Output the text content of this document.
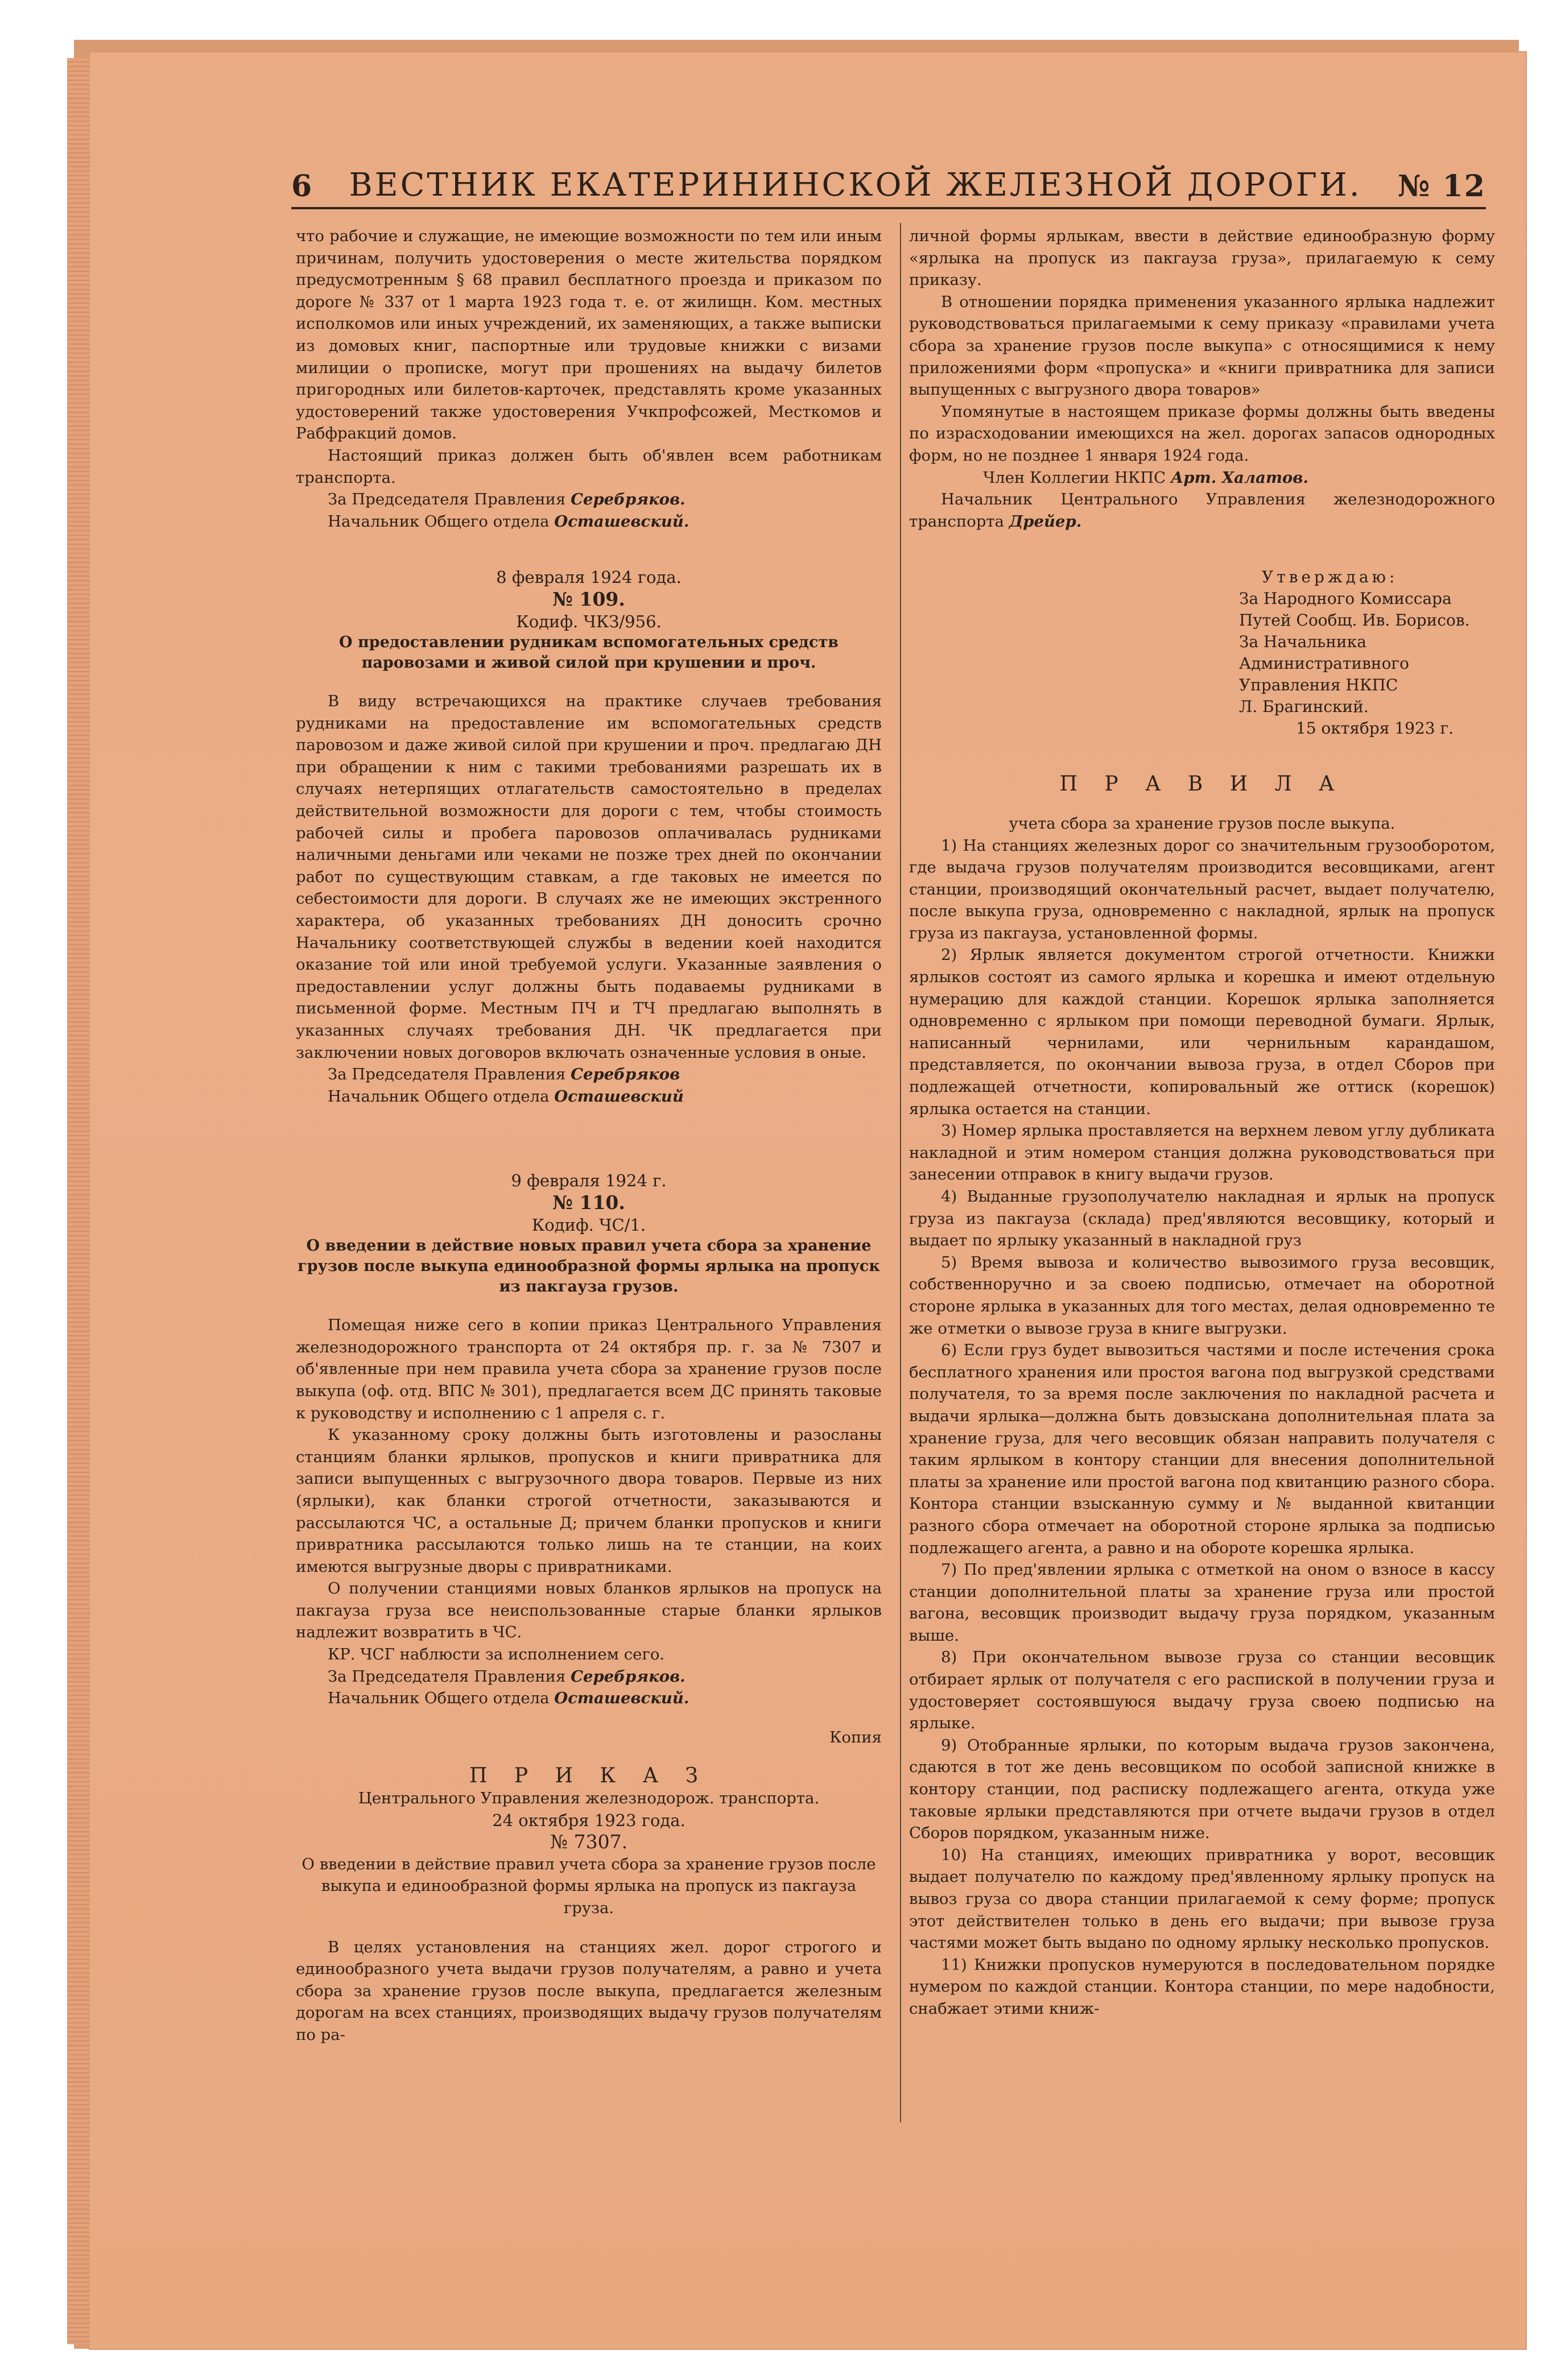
6 ВЕСТНИК ЕКАТЕРИНИНСКОЙ ЖЕЛЕЗНОЙ ДОРОГИ. № 12

что рабочие и служащие, не имеющие возможности по тем или иным причинам, получить удостоверения о месте жительства порядком предусмотренным § 68 правил бесплатного проезда и приказом по дороге № 337 от 1 марта 1923 года т. е. от жилищн. Ком. местных исполкомов или иных учреждений, их заменяющих, а также выписки из домовых книг, паспортные или трудовые книжки с визами милиции о прописке, могут при прошениях на выдачу билетов пригородных или билетов-карточек, представлять кроме указанных удостоверений также удостоверения Учкпрофсожей, Месткомов и Рабфракций домов.

Настоящий приказ должен быть об'явлен всем работникам транспорта.

За Председателя Правления Серебряков.

Начальник Общего отдела Осташевский.

8 февраля 1924 года.

№ 109.

Кодиф. ЧКЗ/956.

О предоставлении рудникам вспомогательных средств паровозами и живой силой при крушении и проч.

В виду встречающихся на практике случаев требования рудниками на предоставление им вспомогательных средств паровозом и даже живой силой при крушении и проч. предлагаю ДН при обращении к ним с такими требованиями разрешать их в случаях нетерпящих отлагательств самостоятельно в пределах действительной возможности для дороги с тем, чтобы стоимость рабочей силы и пробега паровозов оплачивалась рудниками наличными деньгами или чеками не позже трех дней по окончании работ по существующим ставкам, а где таковых не имеется по себестоимости для дороги. В случаях же не имеющих экстренного характера, об указанных требованиях ДН доносить срочно Начальнику соответствующей службы в ведении коей находится оказание той или иной требуемой услуги. Указанные заявления о предоставлении услуг должны быть подаваемы рудниками в письменной форме. Местным ПЧ и ТЧ предлагаю выполнять в указанных случаях требования ДН. ЧК предлагается при заключении новых договоров включать означенные условия в оные.

За Председателя Правления Серебряков

Начальник Общего отдела Осташевский

9 февраля 1924 г.

№ 110.

Кодиф. ЧС/1.

О введении в действие новых правил учета сбора за хранение грузов после выкупа единообразной формы ярлыка на пропуск из пакгауза грузов.

Помещая ниже сего в копии приказ Центрального Управления железнодорожного транспорта от 24 октября пр. г. за № 7307 и об'явленные при нем правила учета сбора за хранение грузов после выкупа (оф. отд. ВПС № 301), предлагается всем ДС принять таковые к руководству и исполнению с 1 апреля с. г.

К указанному сроку должны быть изготовлены и разосланы станциям бланки ярлыков, пропусков и книги привратника для записи выпущенных с выгрузочного двора товаров. Первые из них (ярлыки), как бланки строгой отчетности, заказываются и рассылаются ЧС, а остальные Д; причем бланки пропусков и книги привратника рассылаются только лишь на те станции, на коих имеются выгрузные дворы с привратниками.

О получении станциями новых бланков ярлыков на пропуск на пакгауза груза все неиспользованные старые бланки ярлыков надлежит возвратить в ЧС.

КР. ЧСГ наблюсти за исполнением сего.

За Председателя Правления Серебряков.

Начальник Общего отдела Осташевский.

Копия

П Р И К А З

Центрального Управления железнодорож. транспорта.

24 октября 1923 года.

№ 7307.

О введении в действие правил учета сбора за хранение грузов после выкупа и единообразной формы ярлыка на пропуск из пакгауза груза.

В целях установления на станциях жел. дорог строгого и единообразного учета выдачи грузов получателям, а равно и учета сбора за хранение грузов после выкупа, предлагается железным дорогам на всех станциях, производящих выдачу грузов получателям по ра-

личной формы ярлыкам, ввести в действие единообразную форму «ярлыка на пропуск из пакгауза груза», прилагаемую к сему приказу.

В отношении порядка применения указанного ярлыка надлежит руководствоваться прилагаемыми к сему приказу «правилами учета сбора за хранение грузов после выкупа» с относящимися к нему приложениями форм «пропуска» и «книги привратника для записи выпущенных с выгрузного двора товаров»

Упомянутые в настоящем приказе формы должны быть введены по израсходовании имеющихся на жел. дорогах запасов однородных форм, но не позднее 1 января 1924 года.

Член Коллегии НКПС Арт. Халатов.

Начальник Центрального Управления железнодорожного транспорта Дрейер.

Утверждаю:
За Народного Комиссара
Путей Сообщ. Ив. Борисов.
За Начальника Административного Управления НКПС
Л. Брагинский.
15 октября 1923 г.

П Р А В И Л А

учета сбора за хранение грузов после выкупа.

1) На станциях железных дорог со значительным грузооборотом, где выдача грузов получателям производится весовщиками, агент станции, производящий окончательный расчет, выдает получателю, после выкупа груза, одновременно с накладной, ярлык на пропуск груза из пакгауза, установленной формы.

2) Ярлык является документом строгой отчетности. Книжки ярлыков состоят из самого ярлыка и корешка и имеют отдельную нумерацию для каждой станции. Корешок ярлыка заполняется одновременно с ярлыком при помощи переводной бумаги. Ярлык, написанный чернилами, или чернильным карандашом, представляется, по окончании вывоза груза, в отдел Сборов при подлежащей отчетности, копировальный же оттиск (корешок) ярлыка остается на станции.

3) Номер ярлыка проставляется на верхнем левом углу дубликата накладной и этим номером станция должна руководствоваться при занесении отправок в книгу выдачи грузов.

4) Выданные грузополучателю накладная и ярлык на пропуск груза из пакгауза (склада) пред'являются весовщику, который и выдает по ярлыку указанный в накладной груз

5) Время вывоза и количество вывозимого груза весовщик, собственноручно и за своею подписью, отмечает на оборотной стороне ярлыка в указанных для того местах, делая одновременно те же отметки о вывозе груза в книге выгрузки.

6) Если груз будет вывозиться частями и после истечения срока бесплатного хранения или простоя вагона под выгрузкой средствами получателя, то за время после заключения по накладной расчета и выдачи ярлыка—должна быть довзыскана дополнительная плата за хранение груза, для чего весовщик обязан направить получателя с таким ярлыком в контору станции для внесения дополнительной платы за хранение или простой вагона под квитанцию разного сбора. Контора станции взысканную сумму и № выданной квитанции разного сбора отмечает на оборотной стороне ярлыка за подписью подлежащего агента, а равно и на обороте корешка ярлыка.

7) По пред'явлении ярлыка с отметкой на оном о взносе в кассу станции дополнительной платы за хранение груза или простой вагона, весовщик производит выдачу груза порядком, указанным выше.

8) При окончательном вывозе груза со станции весовщик отбирает ярлык от получателя с его распиской в получении груза и удостоверяет состоявшуюся выдачу груза своею подписью на ярлыке.

9) Отобранные ярлыки, по которым выдача грузов закончена, сдаются в тот же день весовщиком по особой записной книжке в контору станции, под расписку подлежащего агента, откуда уже таковые ярлыки представляются при отчете выдачи грузов в отдел Сборов порядком, указанным ниже.

10) На станциях, имеющих привратника у ворот, весовщик выдает получателю по каждому пред'явленному ярлыку пропуск на вывоз груза со двора станции прилагаемой к сему форме; пропуск этот действителен только в день его выдачи; при вывозе груза частями может быть выдано по одному ярлыку несколько пропусков.

11) Книжки пропусков нумеруются в последовательном порядке нумером по каждой станции. Контора станции, по мере надобности, снабжает этими книж-
